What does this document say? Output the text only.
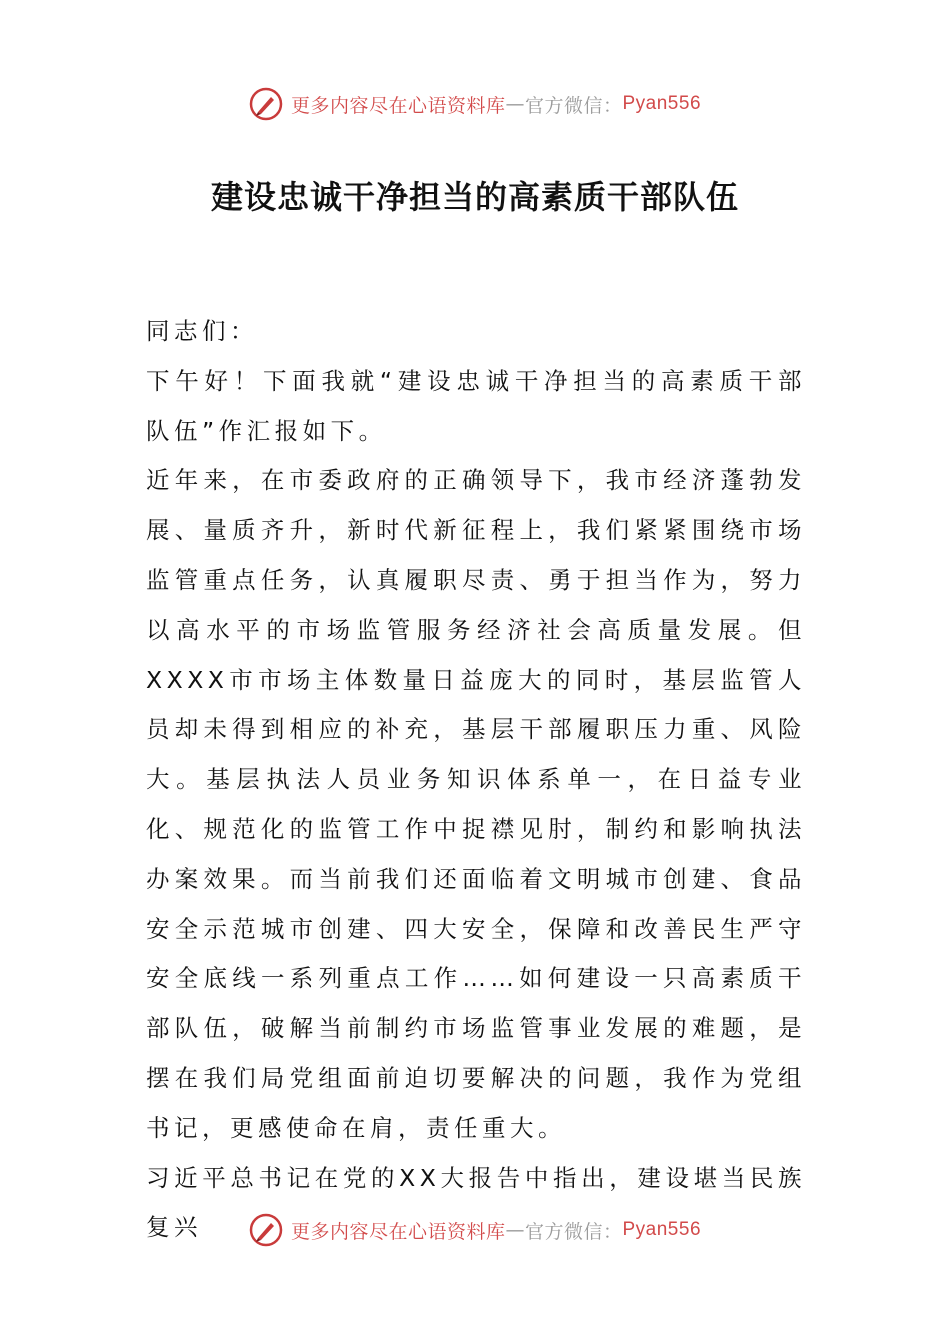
更多内容尽在心语资料库 — 官方微信： Pyan556
建设忠诚干净担当的高素质干部队伍

同志们：

下午好！下面我就“建设忠诚干净担当的高素质干部队伍”作汇报如下。

近年来，在市委政府的正确领导下，我市经济蓬勃发展、量质齐升，新时代新征程上，我们紧紧围绕市场监管重点任务，认真履职尽责、勇于担当作为，努力以高水平的市场监管服务经济社会高质量发展。但XXXX市市场主体数量日益庞大的同时，基层监管人员却未得到相应的补充，基层干部履职压力重、风险大。基层执法人员业务知识体系单一，在日益专业化、规范化的监管工作中捉襟见肘，制约和影响执法办案效果。而当前我们还面临着文明城市创建、食品安全示范城市创建、四大安全，保障和改善民生严守安全底线一系列重点工作……如何建设一只高素质干部队伍，破解当前制约市场监管事业发展的难题，是摆在我们局党组面前迫切要解决的问题，我作为党组书记，更感使命在肩，责任重大。

习近平总书记在党的XX大报告中指出，建设堪当民族复兴	更多内容尽在心语资料库 — 官方微信： Pyan556
